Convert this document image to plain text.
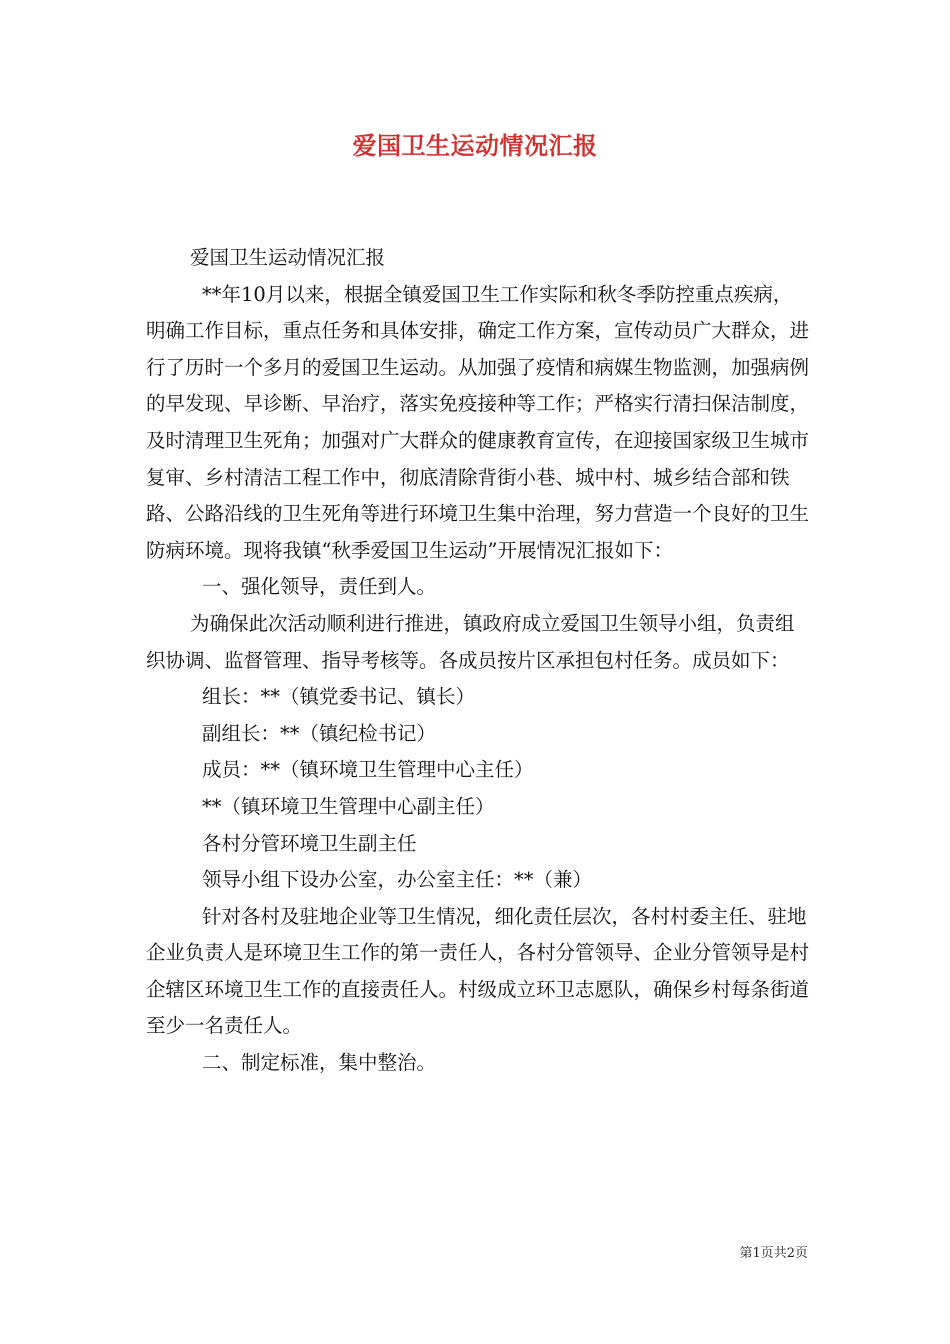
爱国卫生运动情况汇报

爱国卫生运动情况汇报

**年10月以来，根据全镇爱国卫生工作实际和秋冬季防控重点疾病，明确工作目标，重点任务和具体安排，确定工作方案，宣传动员广大群众，进行了历时一个多月的爱国卫生运动。从加强了疫情和病媒生物监测，加强病例的早发现、早诊断、早治疗，落实免疫接种等工作；严格实行清扫保洁制度，及时清理卫生死角；加强对广大群众的健康教育宣传，在迎接国家级卫生城市复审、乡村清洁工程工作中，彻底清除背街小巷、城中村、城乡结合部和铁路、公路沿线的卫生死角等进行环境卫生集中治理，努力营造一个良好的卫生防病环境。现将我镇“秋季爱国卫生运动”开展情况汇报如下：

一、强化领导，责任到人。

为确保此次活动顺利进行推进，镇政府成立爱国卫生领导小组，负责组织协调、监督管理、指导考核等。各成员按片区承担包村任务。成员如下：

组长：**（镇党委书记、镇长）

副组长：**（镇纪检书记）

成员：**（镇环境卫生管理中心主任）

**（镇环境卫生管理中心副主任）

各村分管环境卫生副主任

领导小组下设办公室，办公室主任：**（兼）

针对各村及驻地企业等卫生情况，细化责任层次，各村村委主任、驻地企业负责人是环境卫生工作的第一责任人，各村分管领导、企业分管领导是村企辖区环境卫生工作的直接责任人。村级成立环卫志愿队，确保乡村每条街道至少一名责任人。

二、制定标准，集中整治。

第1页共2页
